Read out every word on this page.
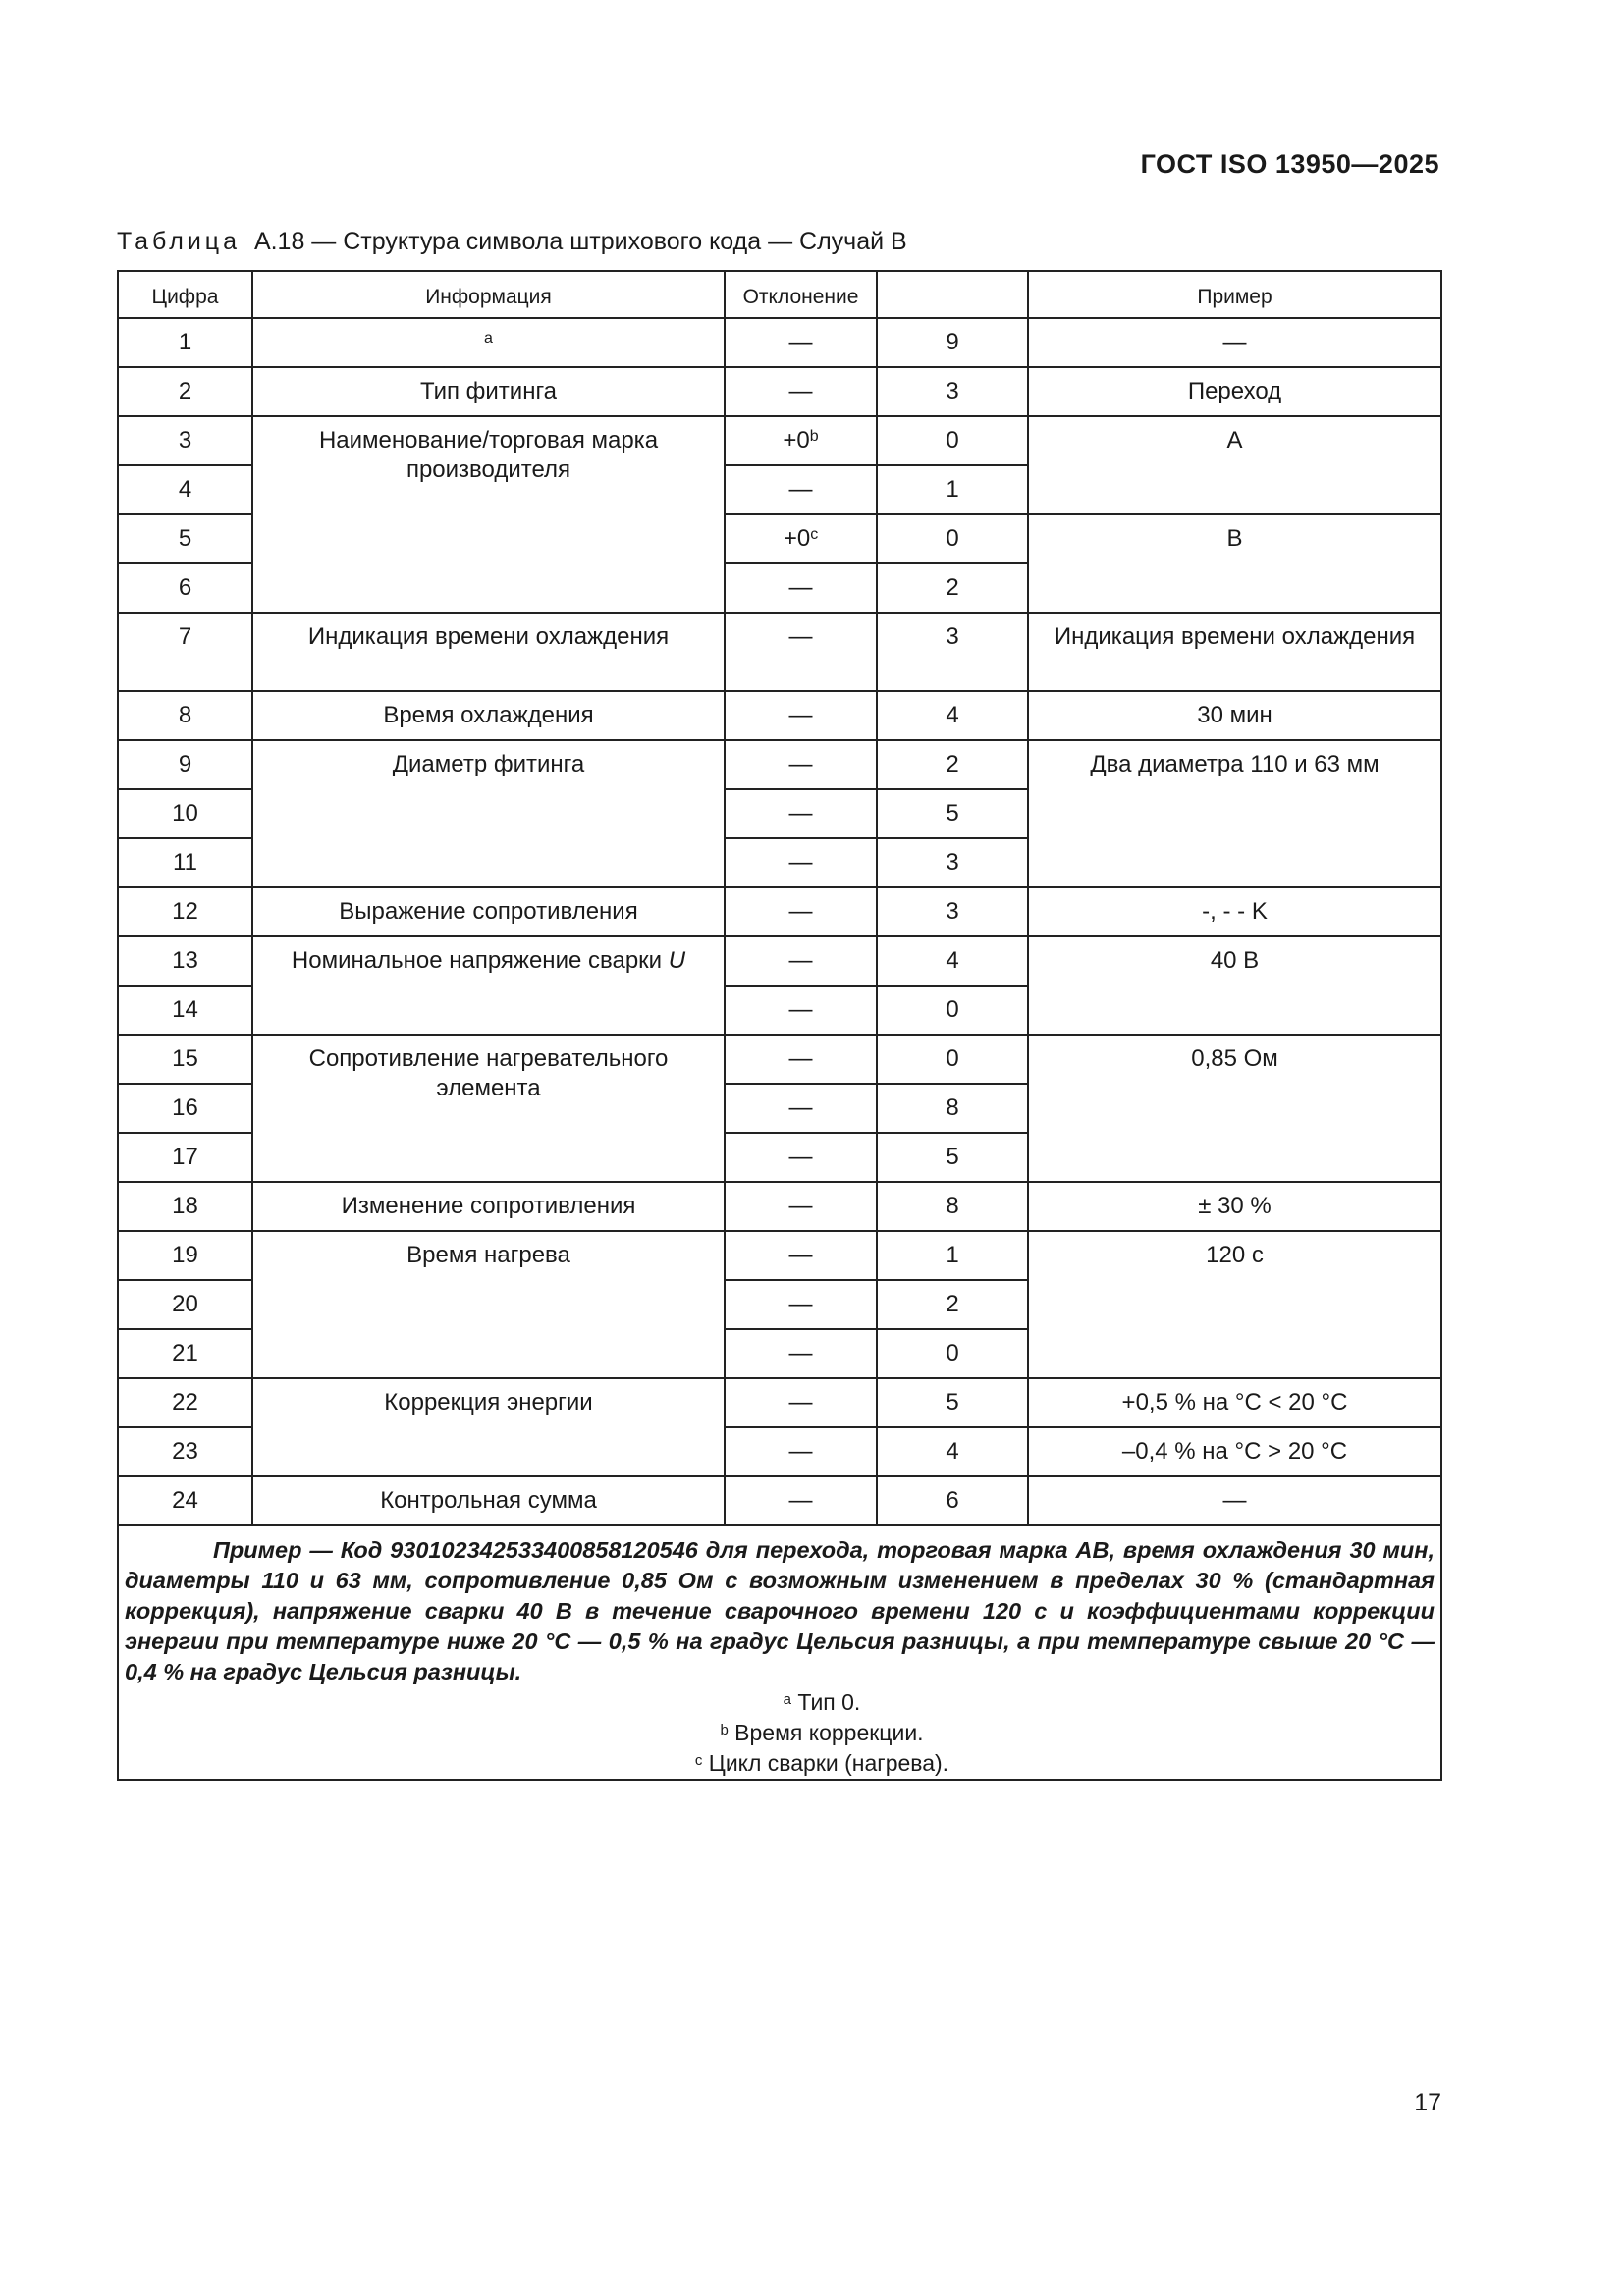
ГОСТ ISO 13950—2025
Таблица А.18 — Структура символа штрихового кода — Случай В
Цифра	Информация	Отклонение		Пример
1	$^a$	—	9	—
2	Тип фитинга	—	3	Переход
3	Наименование/торговая марка производителя	$+0^b$	0	A
4		—	1	
5		$+0^c$	0	B
6		—	2	
7	Индикация времени охлаждения	—	3	Индикация времени охлаждения
8	Время охлаждения	—	4	30 мин
9	Диаметр фитинга	—	2	Два диаметра 110 и 63 мм
10		—	5	
11		—	3	
12	Выражение сопротивления	—	3	-, - - K
13	Номинальное напряжение сварки U	—	4	40 В
14		—	0	
15	Сопротивление нагревательного элемента	—	0	0,85 Ом
16		—	8	
17		—	5	
18	Изменение сопротивления	—	8	± 30 %
19	Время нагрева	—	1	120 с
20		—	2	
21		—	0	
22	Коррекция энергии	—	5	+0,5 % на °C < 20 °C
23		—	4	–0,4 % на °C > 20 °C
24	Контрольная сумма	—	6	—

Пример — Код 93010234253340085812054​6 для перехода, торговая марка AB, время охлаждения 30 мин, диаметры 110 и 63 мм, сопротивление 0,85 Ом с возможным изменением в пределах 30 % (стандартная коррекция), напряжение сварки 40 В в течение сварочного времени 120 с и коэффициентами коррекции энергии при температуре ниже 20 °C — 0,5 % на градус Цельсия разницы, а при температуре свыше 20 °C — 0,4 % на градус Цельсия разницы.
$^a$ Тип 0.
$^b$ Время коррекции.
$^c$ Цикл сварки (нагрева).				
17
